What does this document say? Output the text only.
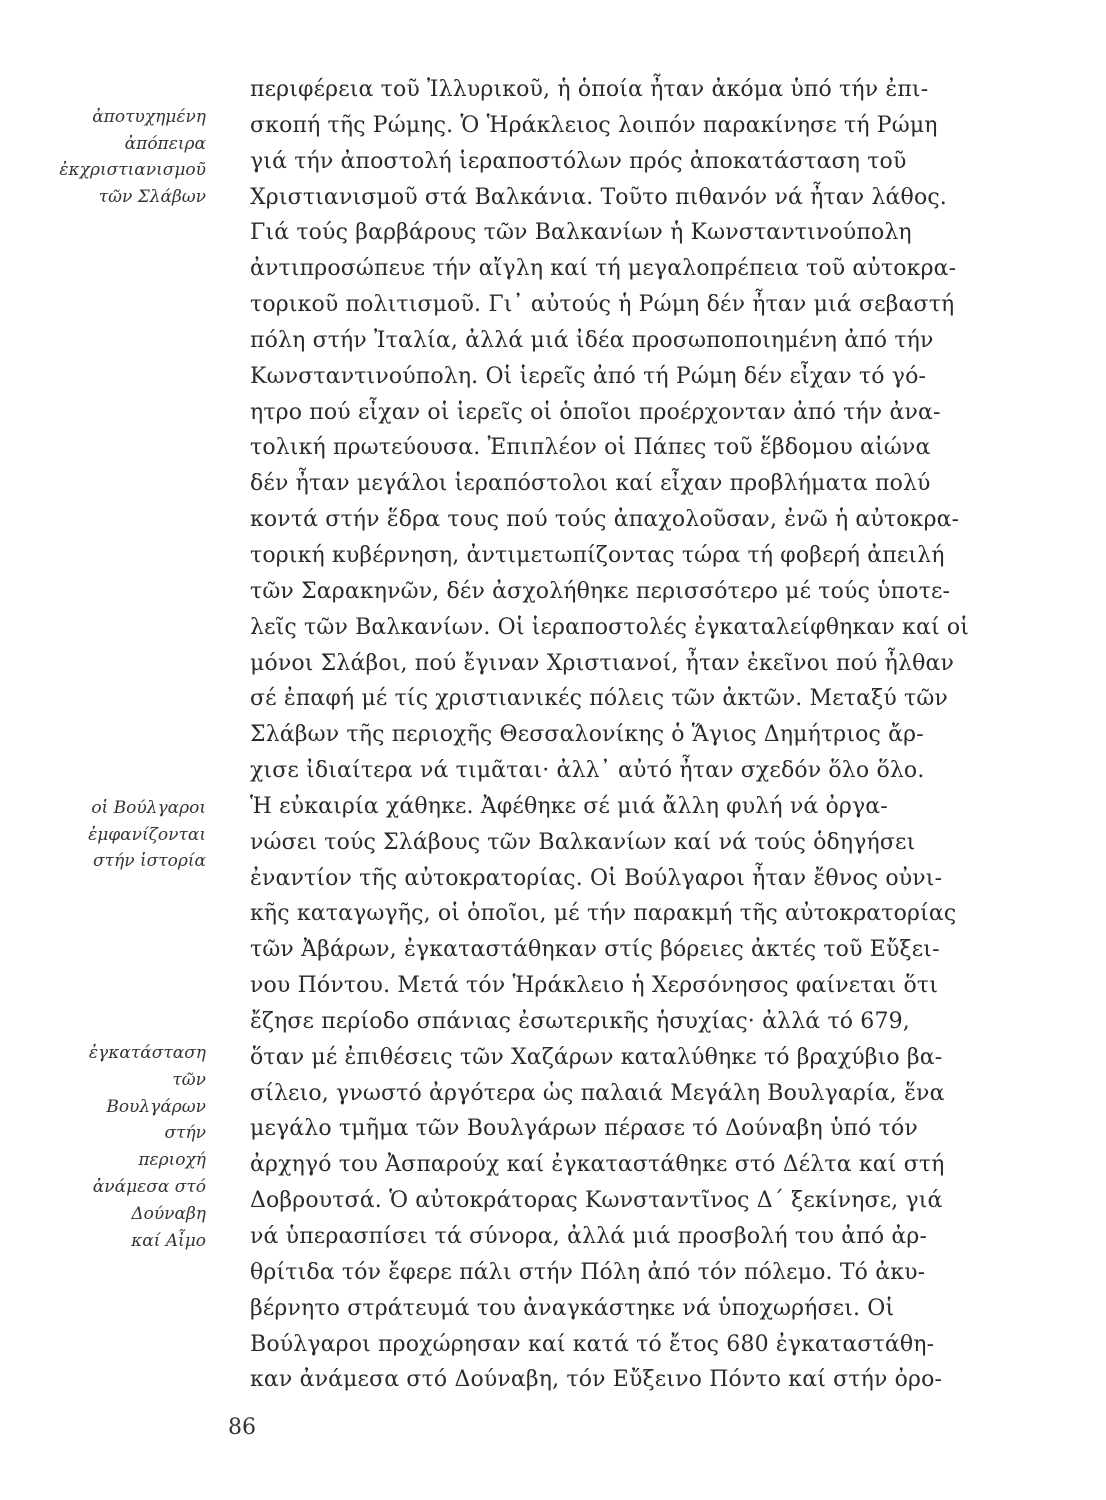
ἀποτυχημένη
ἀπόπειρα
ἐκχριστιανισμοῦ
τῶν Σλάβων
οἱ Βούλγαροι
ἐμφανίζονται
στήν ἱστορία
ἐγκατάσταση
τῶν
Βουλγάρων
στήν
περιοχή
ἀνάμεσα στό
Δούναβη
καί Αἶμο
περιφέρεια τοῦ Ἰλλυρικοῦ, ἡ ὁποία ἦταν ἀκόμα ὑπό τήν ἐπι-
σκοπή τῆς Ρώμης. Ὁ Ἡράκλειος λοιπόν παρακίνησε τή Ρώμη
γιά τήν ἀποστολή ἱεραποστόλων πρός ἀποκατάσταση τοῦ
Χριστιανισμοῦ στά Βαλκάνια. Τοῦτο πιθανόν νά ἦταν λάθος.
Γιά τούς βαρβάρους τῶν Βαλκανίων ἡ Κωνσταντινούπολη
ἀντιπροσώπευε τήν αἴγλη καί τή μεγαλοπρέπεια τοῦ αὐτοκρα-
τορικοῦ πολιτισμοῦ. Γι᾽ αὐτούς ἡ Ρώμη δέν ἦταν μιά σεβαστή
πόλη στήν Ἰταλία, ἀλλά μιά ἰδέα προσωποποιημένη ἀπό τήν
Κωνσταντινούπολη. Οἱ ἱερεῖς ἀπό τή Ρώμη δέν εἶχαν τό γό-
ητρο πού εἶχαν οἱ ἱερεῖς οἱ ὁποῖοι προέρχονταν ἀπό τήν ἀνα-
τολική πρωτεύουσα. Ἐπιπλέον οἱ Πάπες τοῦ ἕβδομου αἰώνα
δέν ἦταν μεγάλοι ἱεραπόστολοι καί εἶχαν προβλήματα πολύ
κοντά στήν ἕδρα τους πού τούς ἀπαχολοῦσαν, ἐνῶ ἡ αὐτοκρα-
τορική κυβέρνηση, ἀντιμετωπίζοντας τώρα τή φοβερή ἀπειλή
τῶν Σαρακηνῶν, δέν ἀσχολήθηκε περισσότερο μέ τούς ὑποτε-
λεῖς τῶν Βαλκανίων. Οἱ ἱεραποστολές ἐγκαταλείφθηκαν καί οἱ
μόνοι Σλάβοι, πού ἔγιναν Χριστιανοί, ἦταν ἐκεῖνοι πού ἦλθαν
σέ ἐπαφή μέ τίς χριστιανικές πόλεις τῶν ἀκτῶν. Μεταξύ τῶν
Σλάβων τῆς περιοχῆς Θεσσαλονίκης ὁ Ἅγιος Δημήτριος ἄρ-
χισε ἰδιαίτερα νά τιμᾶται· ἀλλ᾽ αὐτό ἦταν σχεδόν ὅλο ὅλο.
Ἡ εὐκαιρία χάθηκε. Ἀφέθηκε σέ μιά ἄλλη φυλή νά ὀργα-
νώσει τούς Σλάβους τῶν Βαλκανίων καί νά τούς ὁδηγήσει
ἐναντίον τῆς αὐτοκρατορίας. Οἱ Βούλγαροι ἦταν ἔθνος οὐνι-
κῆς καταγωγῆς, οἱ ὁποῖοι, μέ τήν παρακμή τῆς αὐτοκρατορίας
τῶν Ἀβάρων, ἐγκαταστάθηκαν στίς βόρειες ἀκτές τοῦ Εὔξει-
νου Πόντου. Μετά τόν Ἡράκλειο ἡ Χερσόνησος φαίνεται ὅτι
ἔζησε περίοδο σπάνιας ἐσωτερικῆς ἡσυχίας· ἀλλά τό 679,
ὅταν μέ ἐπιθέσεις τῶν Χαζάρων καταλύθηκε τό βραχύβιο βα-
σίλειο, γνωστό ἀργότερα ὡς παλαιά Μεγάλη Βουλγαρία, ἕνα
μεγάλο τμῆμα τῶν Βουλγάρων πέρασε τό Δούναβη ὑπό τόν
ἀρχηγό του Ἀσπαρούχ καί ἐγκαταστάθηκε στό Δέλτα καί στή
Δοβρουτσά. Ὁ αὐτοκράτορας Κωνσταντῖνος Δ΄ ξεκίνησε, γιά
νά ὑπερασπίσει τά σύνορα, ἀλλά μιά προσβολή του ἀπό ἀρ-
θρίτιδα τόν ἔφερε πάλι στήν Πόλη ἀπό τόν πόλεμο. Τό ἀκυ-
βέρνητο στράτευμά του ἀναγκάστηκε νά ὑποχωρήσει. Οἱ
Βούλγαροι προχώρησαν καί κατά τό ἔτος 680 ἐγκαταστάθη-
καν ἀνάμεσα στό Δούναβη, τόν Εὔξεινο Πόντο καί στήν ὀρο-
86
